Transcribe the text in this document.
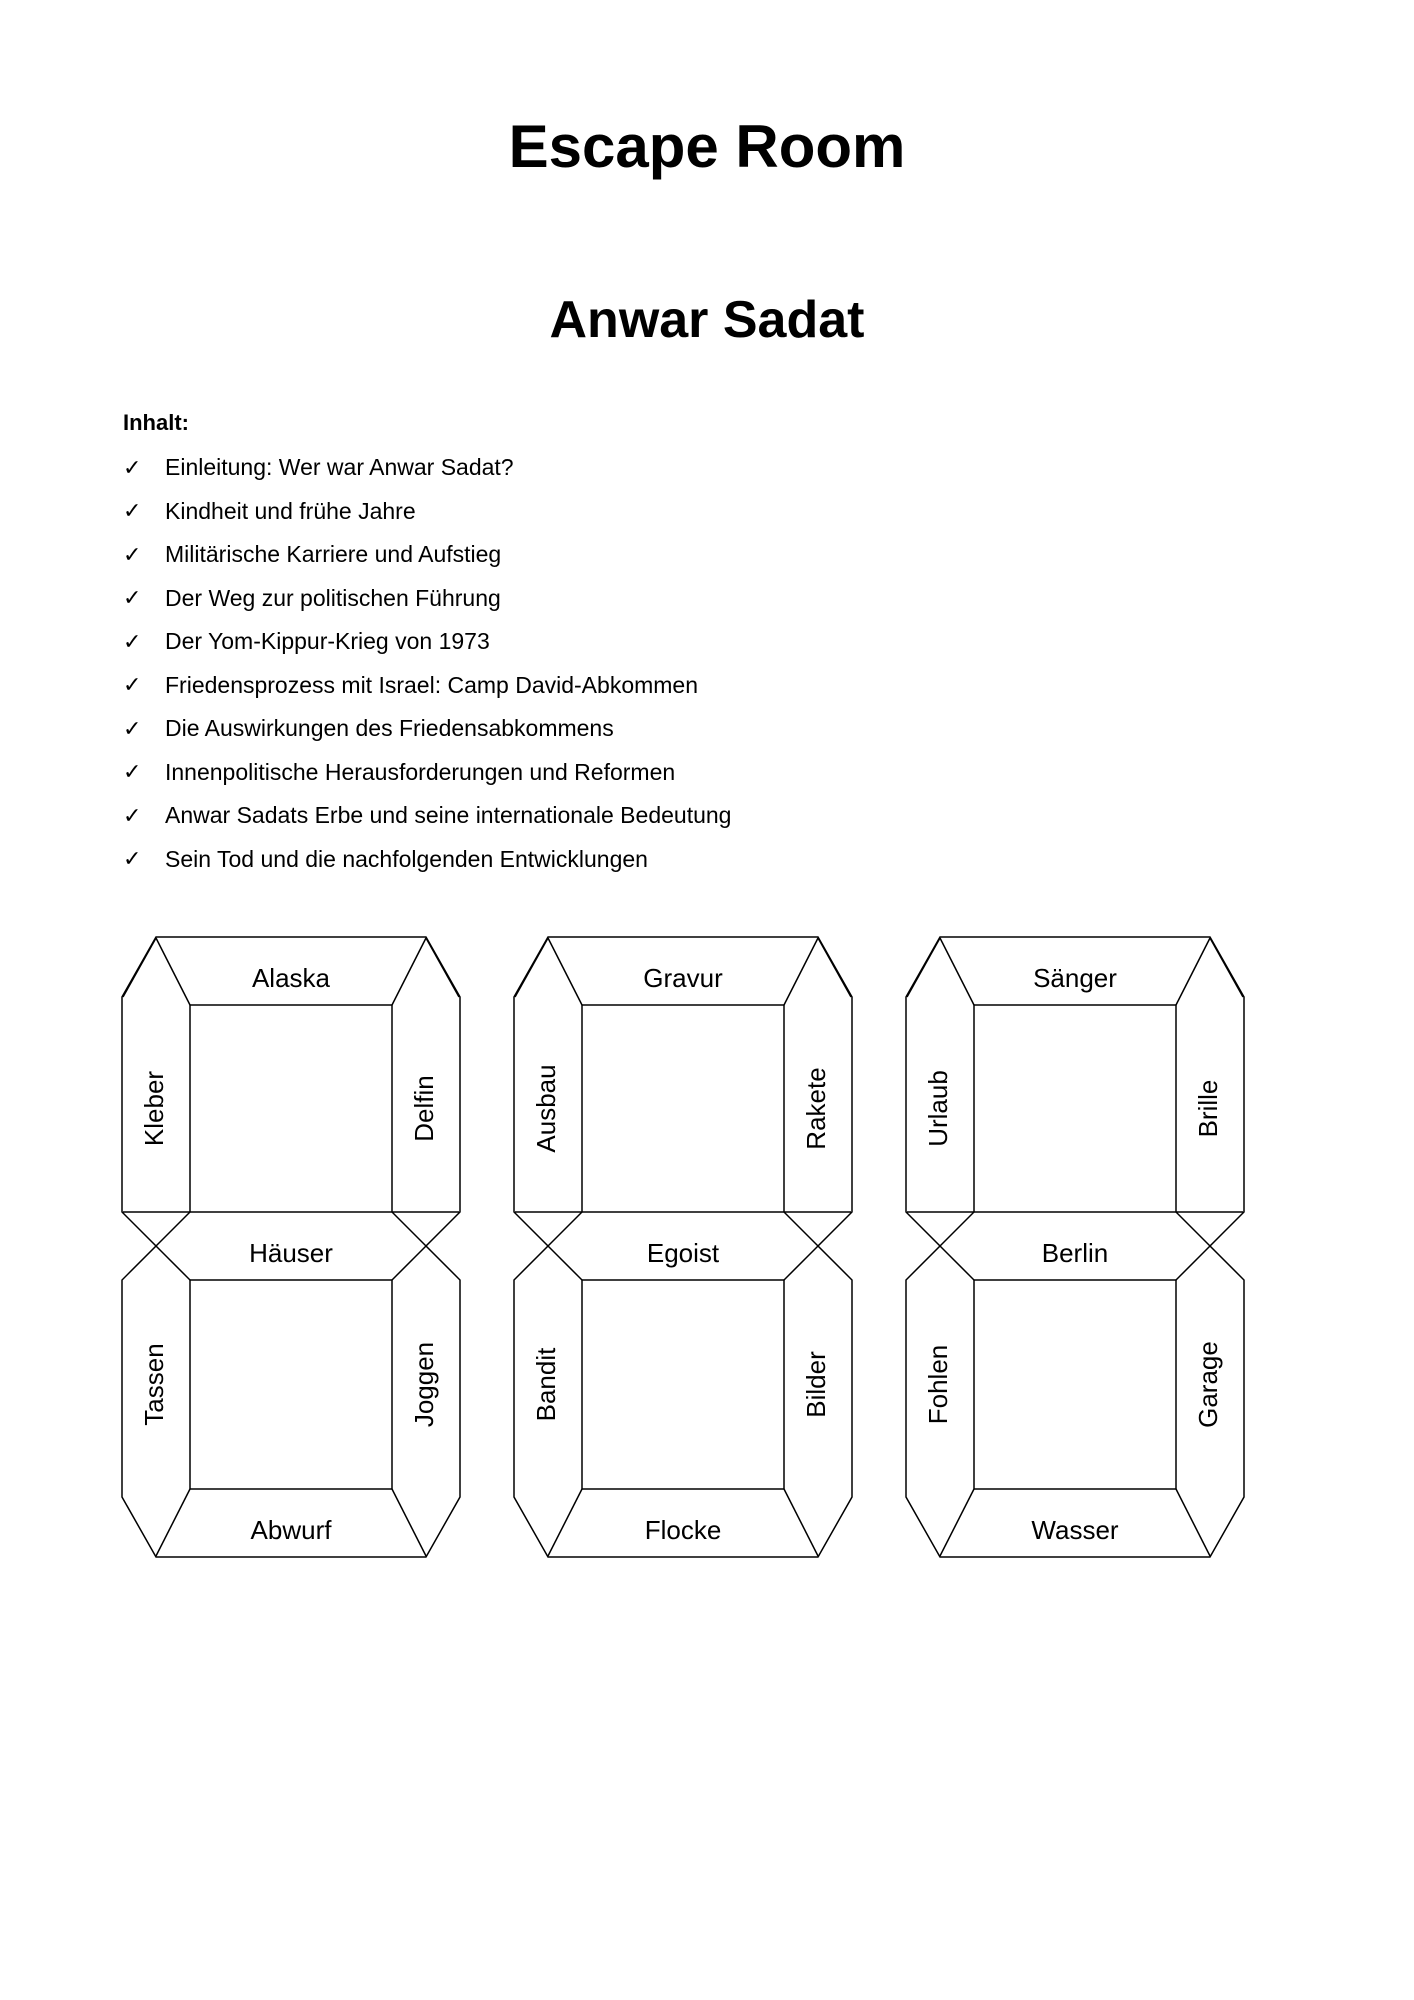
Escape Room
Anwar Sadat
Inhalt:
✓	Einleitung: Wer war Anwar Sadat?
✓	Kindheit und frühe Jahre
✓	Militärische Karriere und Aufstieg
✓	Der Weg zur politischen Führung
✓	Der Yom-Kippur-Krieg von 1973
✓	Friedensprozess mit Israel: Camp David-Abkommen
✓	Die Auswirkungen des Friedensabkommens
✓	Innenpolitische Herausforderungen und Reformen
✓	Anwar Sadats Erbe und seine internationale Bedeutung
✓	Sein Tod und die nachfolgenden Entwicklungen
Alaska
Häuser
Abwurf
Kleber	Delfin
Tassen	Joggen
Gravur
Egoist
Flocke
Ausbau	Rakete
Bandit	Bilder
Sänger
Berlin
Wasser
Urlaub	Brille
Fohlen	Garage
